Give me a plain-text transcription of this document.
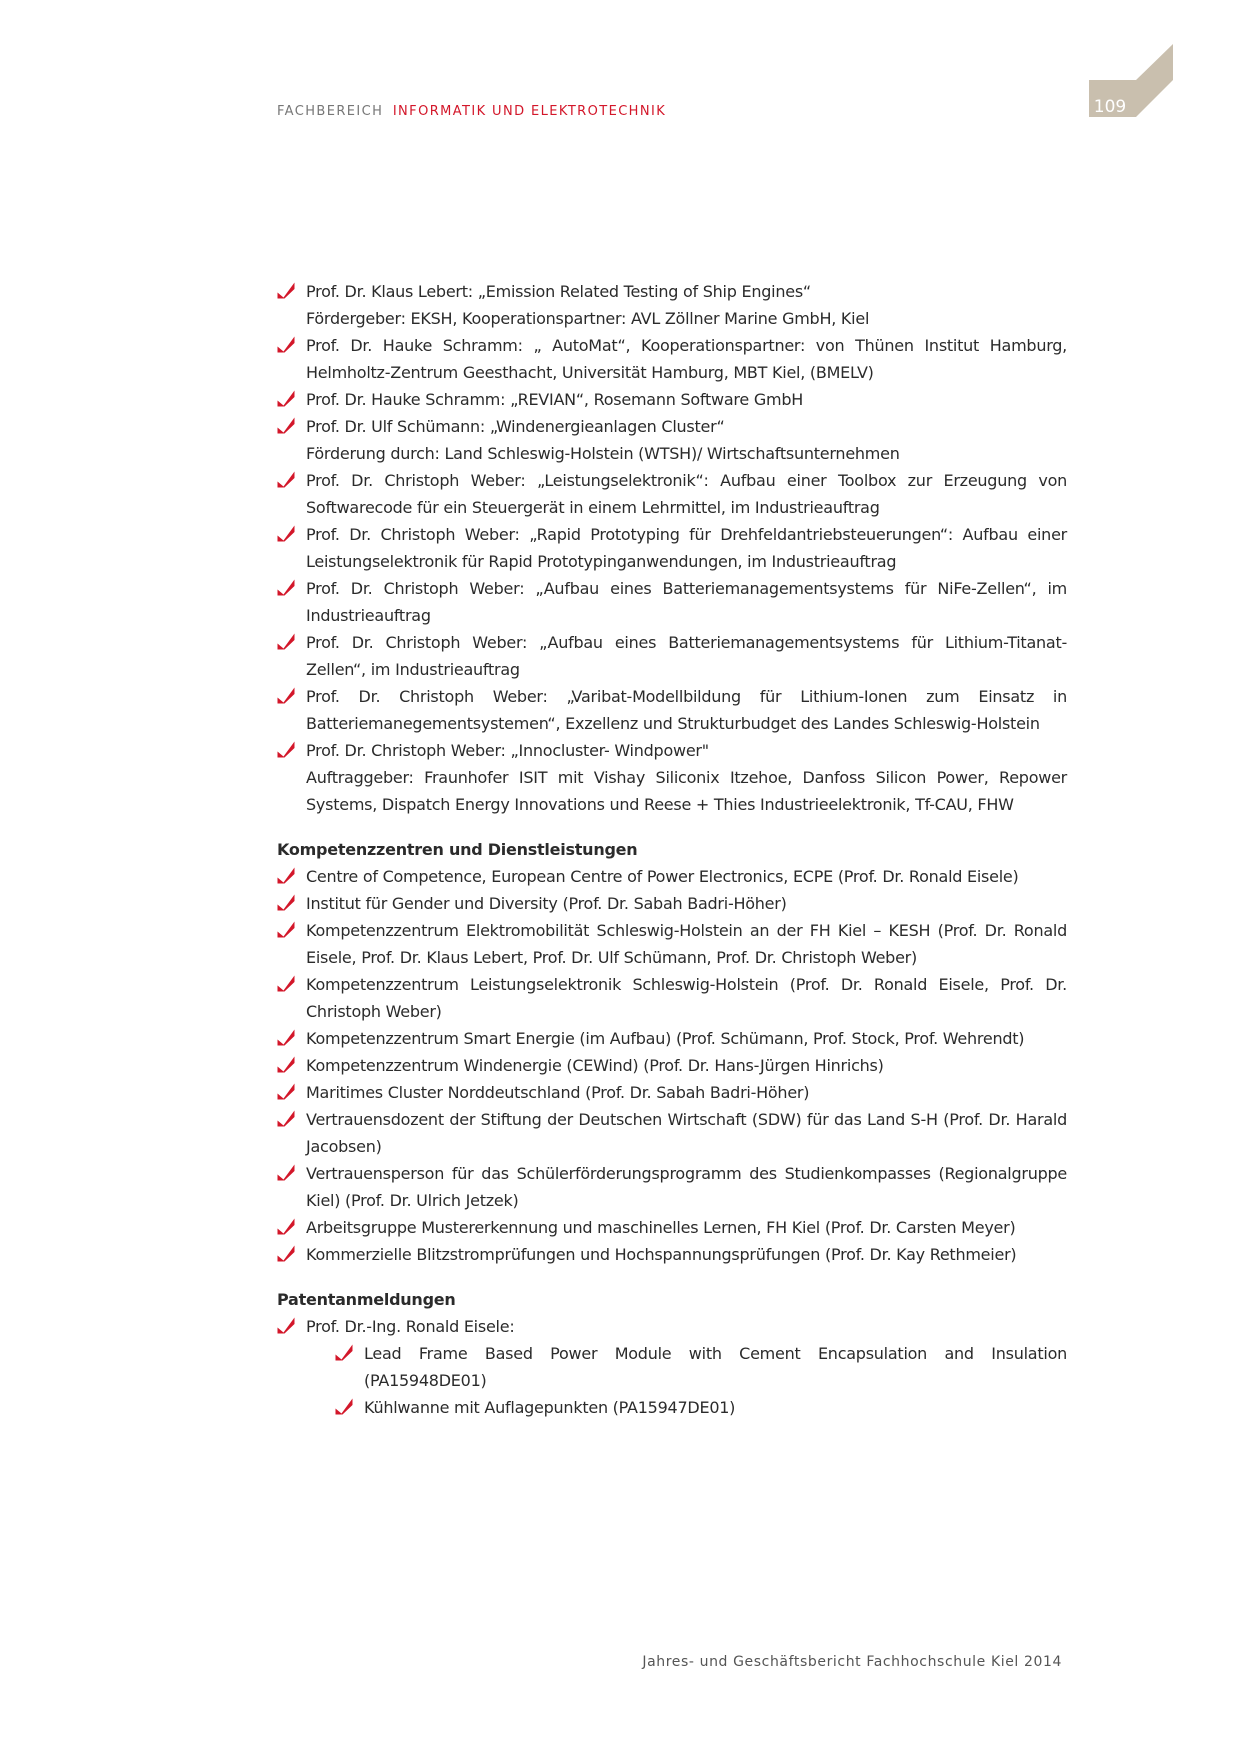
FACHBEREICH INFORMATIK UND ELEKTROTECHNIK	109
Prof. Dr. Klaus Lebert: „Emission Related Testing of Ship Engines“
Fördergeber: EKSH, Kooperationspartner: AVL Zöllner Marine GmbH, Kiel
Prof. Dr. Hauke Schramm: „ AutoMat“, Kooperationspartner: von Thünen Institut Hamburg, Helmholtz-Zentrum Geesthacht, Universität Hamburg, MBT Kiel, (BMELV)
Prof. Dr. Hauke Schramm: „REVIAN“, Rosemann Software GmbH
Prof. Dr. Ulf Schümann: „Windenergieanlagen Cluster“
Förderung durch: Land Schleswig-Holstein (WTSH)/ Wirtschaftsunternehmen
Prof. Dr. Christoph Weber: „Leistungselektronik“: Aufbau einer Toolbox zur Erzeugung von Softwarecode für ein Steuergerät in einem Lehrmittel, im Industrieauftrag
Prof. Dr. Christoph Weber: „Rapid Prototyping für Drehfeldantriebsteuerungen“: Aufbau einer Leistungselektronik für Rapid Prototypinganwendungen, im Industrieauftrag
Prof. Dr. Christoph Weber: „Aufbau eines Batteriemanagementsystems für NiFe-Zellen“, im Industrieauftrag
Prof. Dr. Christoph Weber: „Aufbau eines Batteriemanagementsystems für Lithium-Titanat-Zellen“, im Industrieauftrag
Prof. Dr. Christoph Weber: „Varibat-Modellbildung für Lithium-Ionen zum Einsatz in Batteriemanegementsystemen“, Exzellenz und Strukturbudget des Landes Schleswig-Holstein
Prof. Dr. Christoph Weber: „Innocluster- Windpower"
Auftraggeber: Fraunhofer ISIT mit Vishay Siliconix Itzehoe, Danfoss Silicon Power, Repower Systems, Dispatch Energy Innovations und Reese + Thies Industrieelektronik, Tf-CAU, FHW
Kompetenzzentren und Dienstleistungen
Centre of Competence, European Centre of Power Electronics, ECPE (Prof. Dr. Ronald Eisele)
Institut für Gender und Diversity (Prof. Dr. Sabah Badri-Höher)
Kompetenzzentrum Elektromobilität Schleswig-Holstein an der FH Kiel – KESH (Prof. Dr. Ronald Eisele, Prof. Dr. Klaus Lebert, Prof. Dr. Ulf Schümann, Prof. Dr. Christoph Weber)
Kompetenzzentrum Leistungselektronik Schleswig-Holstein (Prof. Dr. Ronald Eisele, Prof. Dr. Christoph Weber)
Kompetenzzentrum Smart Energie (im Aufbau) (Prof. Schümann, Prof. Stock, Prof. Wehrendt)
Kompetenzzentrum Windenergie (CEWind) (Prof. Dr. Hans-Jürgen Hinrichs)
Maritimes Cluster Norddeutschland (Prof. Dr. Sabah Badri-Höher)
Vertrauensdozent der Stiftung der Deutschen Wirtschaft (SDW) für das Land S-H (Prof. Dr. Harald Jacobsen)
Vertrauensperson für das Schülerförderungsprogramm des Studienkompasses (Regionalgruppe Kiel) (Prof. Dr. Ulrich Jetzek)
Arbeitsgruppe Mustererkennung und maschinelles Lernen, FH Kiel (Prof. Dr. Carsten Meyer)
Kommerzielle Blitzstromprüfungen und Hochspannungsprüfungen (Prof. Dr. Kay Rethmeier)
Patentanmeldungen
Prof. Dr.-Ing. Ronald Eisele:
Lead Frame Based Power Module with Cement Encapsulation and Insulation (PA15948DE01)
Kühlwanne mit Auflagepunkten (PA15947DE01)
Jahres- und Geschäftsbericht Fachhochschule Kiel 2014
